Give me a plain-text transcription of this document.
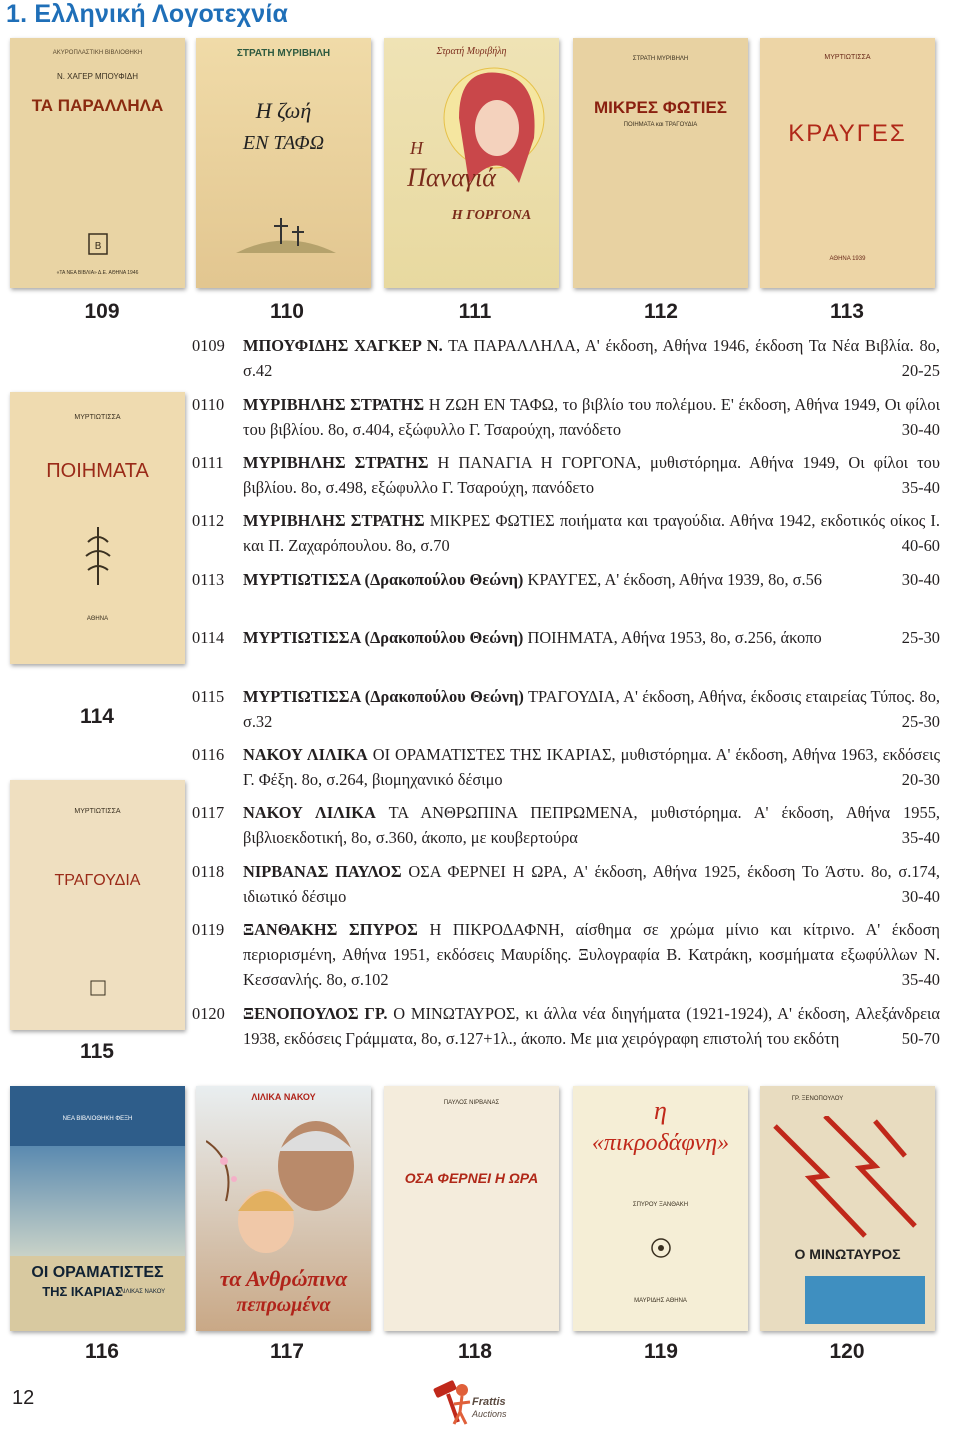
1. Ελληνική Λογοτεχνία
ΑΚΥΡΟΠΛΑΣΤΙΚΗ ΒΙΒΛΙΟΘΗΚΗ
Ν. ΧΑΓΕΡ ΜΠΟΥΦΙΔΗ
ΤΑ ΠΑΡΑΛΛΗΛΑ
Β
«ΤΑ ΝΕΑ ΒΙΒΛΙΑ» Δ.Ε. ΑΘΗΝΑ 1946
ΣΤΡΑΤΗ ΜΥΡΙΒΗΛΗ
Η ζωή
ΕΝ ΤΑΦΩ
Στρατή Μυριβήλη
Η
Παναγιά
Η ΓΟΡΓΟΝΑ
ΣΤΡΑΤΗ ΜΥΡΙΒΗΛΗ
ΜΙΚΡΕΣ ΦΩΤΙΕΣ
ΠΟΙΗΜΑΤΑ και ΤΡΑΓΟΥΔΙΑ
ΜΥΡΤΙΩΤΙΣΣΑ
ΚΡΑΥΓΕΣ
ΑΘΗΝΑ 1939
109	110	111	112	113
ΜΥΡΤΙΩΤΙΣΣΑ
ΠΟΙΗΜΑΤΑ
ΑΘΗΝΑ
114
ΜΥΡΤΙΩΤΙΣΣΑ
ΤΡΑΓΟΥΔΙΑ
115
0109	ΜΠΟΥΦΙΔΗΣ ΧΑΓΚΕΡ Ν. ΤΑ ΠΑΡΑΛΛΗΛΑ, Α' έκδοση, Αθήνα 1946, έκδοση Τα Νέα Βιβλία. 8ο, σ.42	20-25
0110	ΜΥΡΙΒΗΛΗΣ ΣΤΡΑΤΗΣ Η ΖΩΗ ΕΝ ΤΑΦΩ, το βιβλίο του πολέμου. Ε' έκδοση, Αθήνα 1949, Οι φίλοι του βιβλίου. 8ο, σ.404, εξώφυλλο Γ. Τσαρούχη, πανόδετο	30-40
0111	ΜΥΡΙΒΗΛΗΣ ΣΤΡΑΤΗΣ Η ΠΑΝΑΓΙΑ Η ΓΟΡΓΟΝΑ, μυθιστόρημα. Αθήνα 1949, Οι φίλοι του βιβλίου. 8ο, σ.498, εξώφυλλο Γ. Τσαρούχη, πανόδετο	35-40
0112	ΜΥΡΙΒΗΛΗΣ ΣΤΡΑΤΗΣ ΜΙΚΡΕΣ ΦΩΤΙΕΣ ποιήματα και τραγούδια. Αθήνα 1942, εκδοτικός οίκος Ι. και Π. Ζαχαρόπουλου. 8ο, σ.70	40-60
0113	ΜΥΡΤΙΩΤΙΣΣΑ (Δρακοπούλου Θεώνη) ΚΡΑΥΓΕΣ, Α' έκδοση, Αθήνα 1939, 8ο, σ.56	30-40
0114	ΜΥΡΤΙΩΤΙΣΣΑ (Δρακοπούλου Θεώνη) ΠΟΙΗΜΑΤΑ, Αθήνα 1953, 8ο, σ.256, άκοπο	25-30
0115	ΜΥΡΤΙΩΤΙΣΣΑ (Δρακοπούλου Θεώνη) ΤΡΑΓΟΥΔΙΑ, Α' έκδοση, Αθήνα, έκδοσις εταιρείας Τύπος. 8ο, σ.32	25-30
0116	ΝΑΚΟΥ ΛΙΛΙΚΑ ΟΙ ΟΡΑΜΑΤΙΣΤΕΣ ΤΗΣ ΙΚΑΡΙΑΣ, μυθιστόρημα. Α' έκδοση, Αθήνα 1963, εκδόσεις Γ. Φέξη. 8ο, σ.264, βιομηχανικό δέσιμο	20-30
0117	ΝΑΚΟΥ ΛΙΛΙΚΑ ΤΑ ΑΝΘΡΩΠΙΝΑ ΠΕΠΡΩΜΕΝΑ, μυθιστόρημα. Α' έκδοση, Αθήνα 1955, βιβλιοεκδοτική, 8ο, σ.360, άκοπο, με κουβερτούρα	35-40
0118	ΝΙΡΒΑΝΑΣ ΠΑΥΛΟΣ ΟΣΑ ΦΕΡΝΕΙ Η ΩΡΑ, Α' έκδοση, Αθήνα 1925, έκδοση Το Άστυ. 8ο, σ.174, ιδιωτικό δέσιμο	30-40
0119	ΞΑΝΘΑΚΗΣ ΣΠΥΡΟΣ Η ΠΙΚΡΟΔΑΦΝΗ, αίσθημα σε χρώμα μίνιο και κίτρινο. Α' έκδοση περιορισμένη, Αθήνα 1951, εκδόσεις Μαυρίδης. Ξυλογραφία Β. Κατράκη, κοσμήματα εξωφύλλων Ν. Κεσσανλής. 8ο, σ.102	35-40
0120	ΞΕΝΟΠΟΥΛΟΣ ΓΡ. Ο ΜΙΝΩΤΑΥΡΟΣ, κι άλλα νέα διηγήματα (1921-1924), Α' έκδοση, Αλεξάνδρεια 1938, εκδόσεις Γράμματα, 8ο, σ.127+1λ., άκοπο. Με μια χειρόγραφη επιστολή του εκδότη	50-70
ΝΕΑ ΒΙΒΛΙΟΘΗΚΗ ΦΕΞΗ
ΟΙ ΟΡΑΜΑΤΙΣΤΕΣ
ΤΗΣ ΙΚΑΡΙΑΣ
ΛΙΛΙΚΑΣ ΝΑΚΟΥ
ΛΙΛΙΚΑ ΝΑΚΟΥ
τα Ανθρώπινα
πεπρωμένα
ΠΑΥΛΟΣ ΝΙΡΒΑΝΑΣ
ΟΣΑ ΦΕΡΝΕΙ Η ΩΡΑ
η
«πικροδάφνη»
ΣΠΥΡΟΥ ΞΑΝΘΑΚΗ
ΜΑΥΡΙΔΗΣ ΑΘΗΝΑ
ΓΡ. ΞΕΝΟΠΟΥΛΟΥ
Ο ΜΙΝΩΤΑΥΡΟΣ
116	117	118	119	120
12	Frattis
Auctions
